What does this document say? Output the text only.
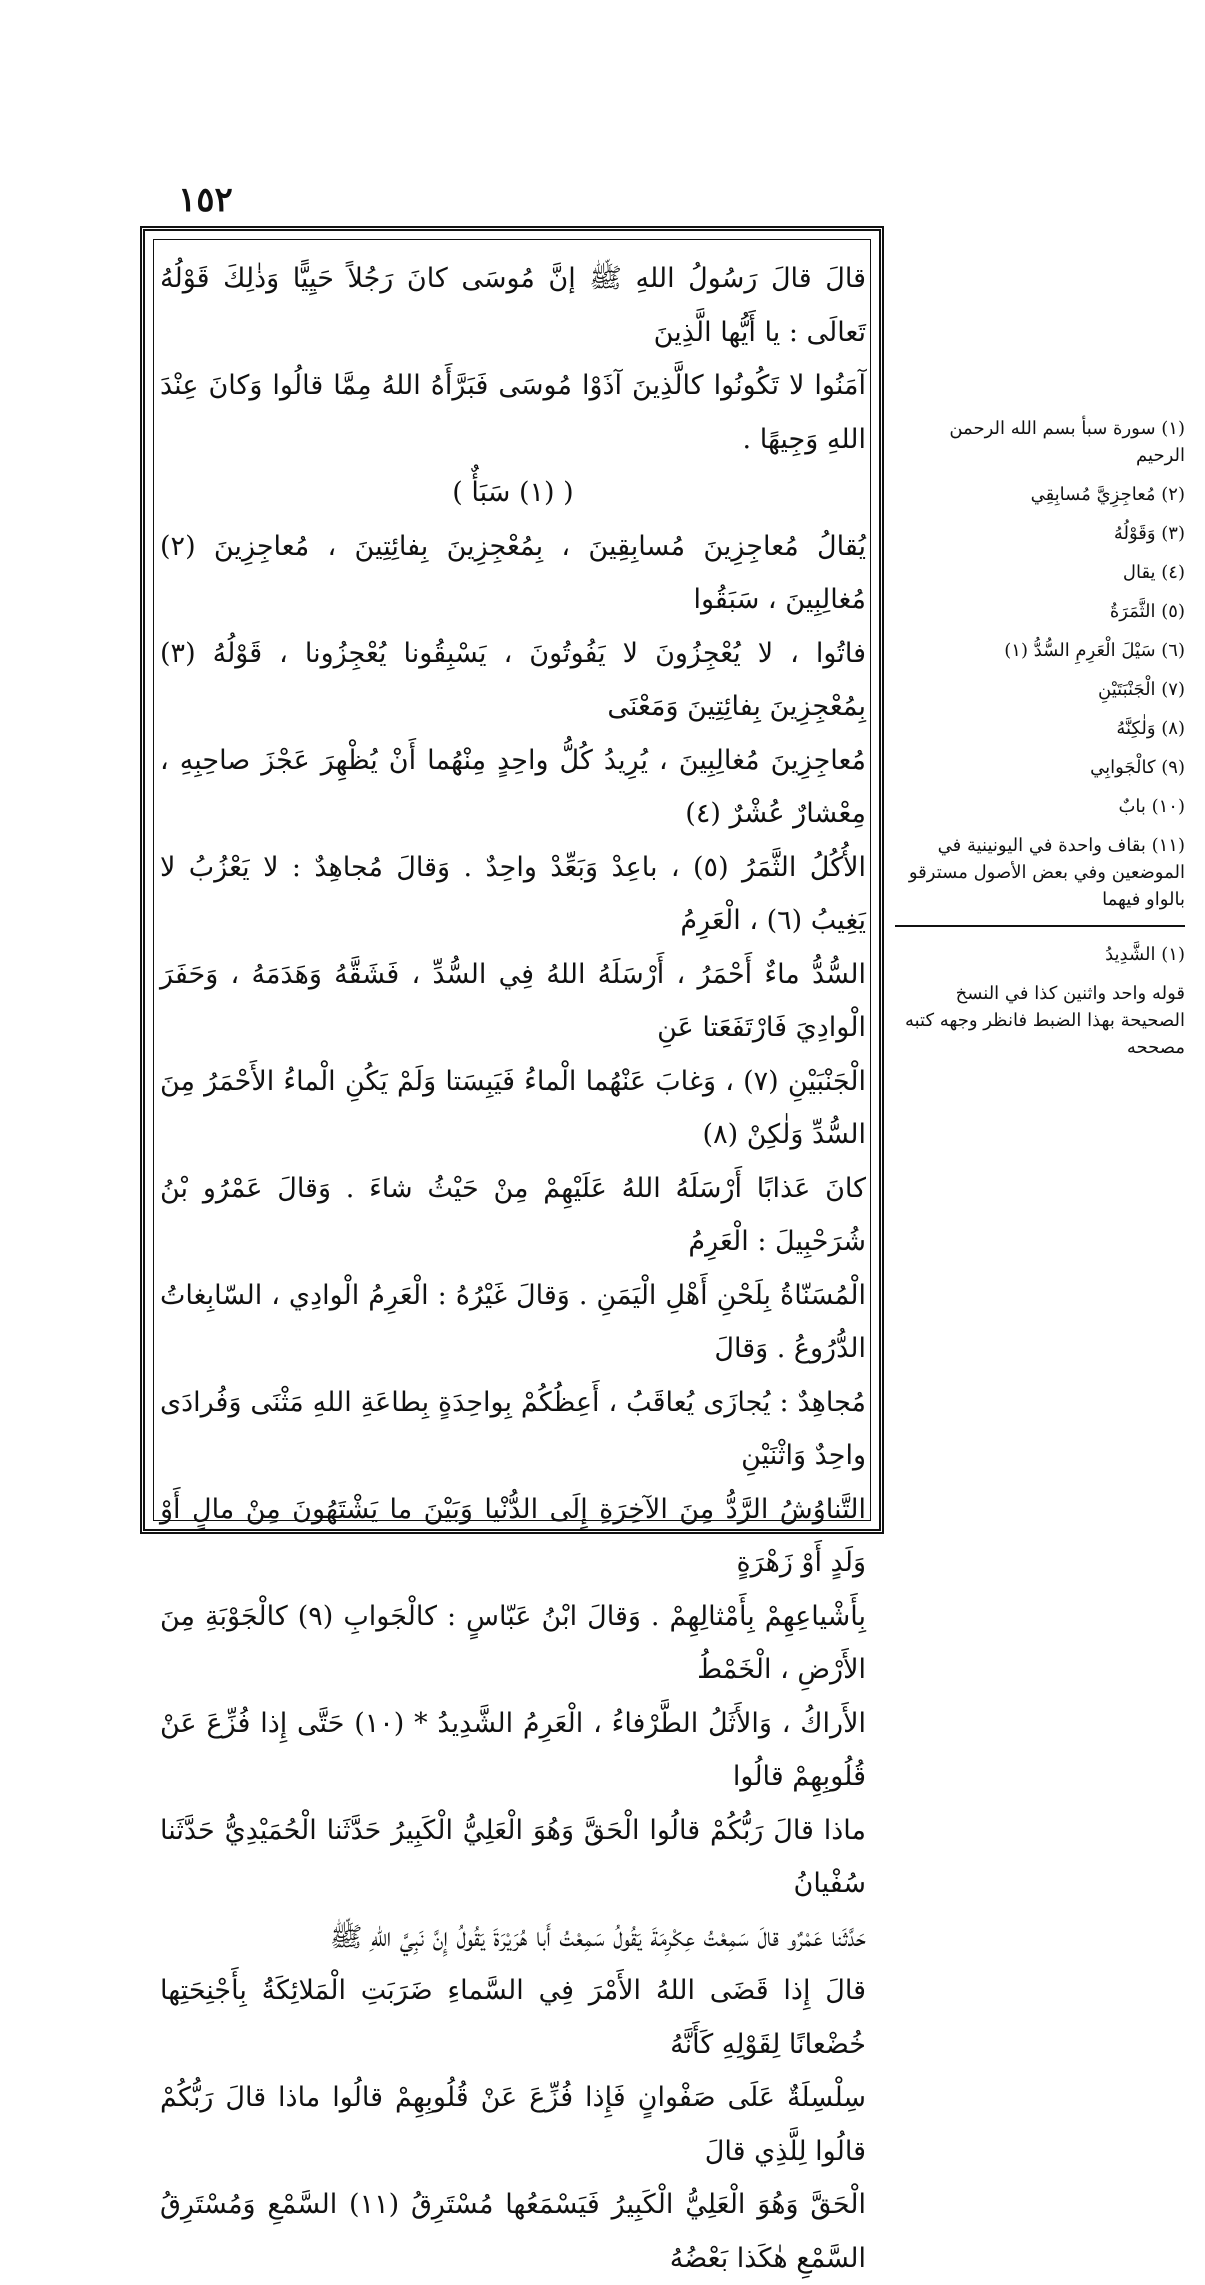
١٥٢

قالَ قالَ رَسُولُ اللهِ ﷺ إنَّ مُوسَى كانَ رَجُلاً حَيِيًّا وَذٰلِكَ قَوْلُهُ تَعالَى : يا أَيُّها الَّذِينَ

آمَنُوا لا تَكُونُوا كالَّذِينَ آذَوْا مُوسَى فَبَرَّأَهُ اللهُ مِمَّا قالُوا وَكانَ عِنْدَ اللهِ وَجِيهًا .

( (١) سَبَأٌ )

يُقالُ مُعاجِزِينَ مُسابِقِينَ ، بِمُعْجِزِينَ بِفائِتِينَ ، مُعاجِزِينَ (٢) مُغالِبِينَ ، سَبَقُوا

فاتُوا ، لا يُعْجِزُونَ لا يَفُوتُونَ ، يَسْبِقُونا يُعْجِزُونا ، قَوْلُهُ (٣) بِمُعْجِزِينَ بِفائِتِينَ وَمَعْنَى

مُعاجِزِينَ مُغالِبِينَ ، يُرِيدُ كُلُّ واحِدٍ مِنْهُما أَنْ يُظْهِرَ عَجْزَ صاحِبِهِ ، مِعْشارٌ عُشْرٌ (٤)

الأُكُلُ الثَّمَرُ (٥) ، باعِدْ وَبَعِّدْ واحِدٌ . وَقالَ مُجاهِدٌ : لا يَعْزُبُ لا يَغِيبُ (٦) ، الْعَرِمُ

السُّدُّ ماءٌ أَحْمَرُ ، أَرْسَلَهُ اللهُ فِي السُّدِّ ، فَشَقَّهُ وَهَدَمَهُ ، وَحَفَرَ الْوادِيَ فَارْتَفَعَتا عَنِ

الْجَنْبَيْنِ (٧) ، وَغابَ عَنْهُما الْماءُ فَيَبِسَتا وَلَمْ يَكُنِ الْماءُ الأَحْمَرُ مِنَ السُّدِّ وَلٰكِنْ (٨)

كانَ عَذابًا أَرْسَلَهُ اللهُ عَلَيْهِمْ مِنْ حَيْثُ شاءَ . وَقالَ عَمْرُو بْنُ شُرَحْبِيلَ : الْعَرِمُ

الْمُسَنّاةُ بِلَحْنِ أَهْلِ الْيَمَنِ . وَقالَ غَيْرُهُ : الْعَرِمُ الْوادِي ، السّابِغاتُ الدُّرُوعُ . وَقالَ

مُجاهِدٌ : يُجازَى يُعاقَبُ ، أَعِظُكُمْ بِواحِدَةٍ بِطاعَةِ اللهِ مَثْنَى وَفُرادَى واحِدٌ وَاثْنَيْنِ

التَّناوُشُ الرَّدُّ مِنَ الآخِرَةِ إِلَى الدُّنْيا وَبَيْنَ ما يَشْتَهُونَ مِنْ مالٍ أَوْ وَلَدٍ أَوْ زَهْرَةٍ

بِأَشْياعِهِمْ بِأَمْثالِهِمْ . وَقالَ ابْنُ عَبّاسٍ : كالْجَوابِ (٩) كالْجَوْبَةِ مِنَ الأَرْضِ ، الْخَمْطُ

الأَراكُ ، وَالأَثَلُ الطَّرْفاءُ ، الْعَرِمُ الشَّدِيدُ * (١٠) حَتَّى إِذا فُزِّعَ عَنْ قُلُوبِهِمْ قالُوا

ماذا قالَ رَبُّكُمْ قالُوا الْحَقَّ وَهُوَ الْعَلِيُّ الْكَبِيرُ حَدَّثَنا الْحُمَيْدِيُّ حَدَّثَنا سُفْيانُ

حَدَّثَنا عَمْرٌو قالَ سَمِعْتُ عِكْرِمَةَ يَقُولُ سَمِعْتُ أَبا هُرَيْرَةَ يَقُولُ إِنَّ نَبِيَّ اللهِ ﷺ

قالَ إِذا قَضَى اللهُ الأَمْرَ فِي السَّماءِ ضَرَبَتِ الْمَلائِكَةُ بِأَجْنِحَتِها خُضْعانًا لِقَوْلِهِ كَأَنَّهُ

سِلْسِلَةٌ عَلَى صَفْوانٍ فَإِذا فُزِّعَ عَنْ قُلُوبِهِمْ قالُوا ماذا قالَ رَبُّكُمْ قالُوا لِلَّذِي قالَ

الْحَقَّ وَهُوَ الْعَلِيُّ الْكَبِيرُ فَيَسْمَعُها مُسْتَرِقُ (١١) السَّمْعِ وَمُسْتَرِقُ السَّمْعِ هٰكَذا بَعْضُهُ

(١) سورة سبأ بسم الله الرحمن الرحيم

(٢) مُعاجِزِيَّ مُسابِقِي

(٣) وَقَوْلُهُ

(٤) يقال

(٥) الثَّمَرَةُ

(٦) سَيْلَ الْعَرِمِ السُّدُّ (١)

(٧) الْجَنْبَتَيْنِ

(٨) وَلٰكِنَّهُ

(٩) كالْجَوابِي

(١٠) بابٌ

(١١) بقاف واحدة في اليونينية في الموضعين وفي بعض الأصول مسترقو بالواو فيهما

(١) الشَّدِيدُ

قوله واحد واثنين كذا في النسخ الصحيحة بهذا الضبط فانظر وجهه كتبه مصححه
